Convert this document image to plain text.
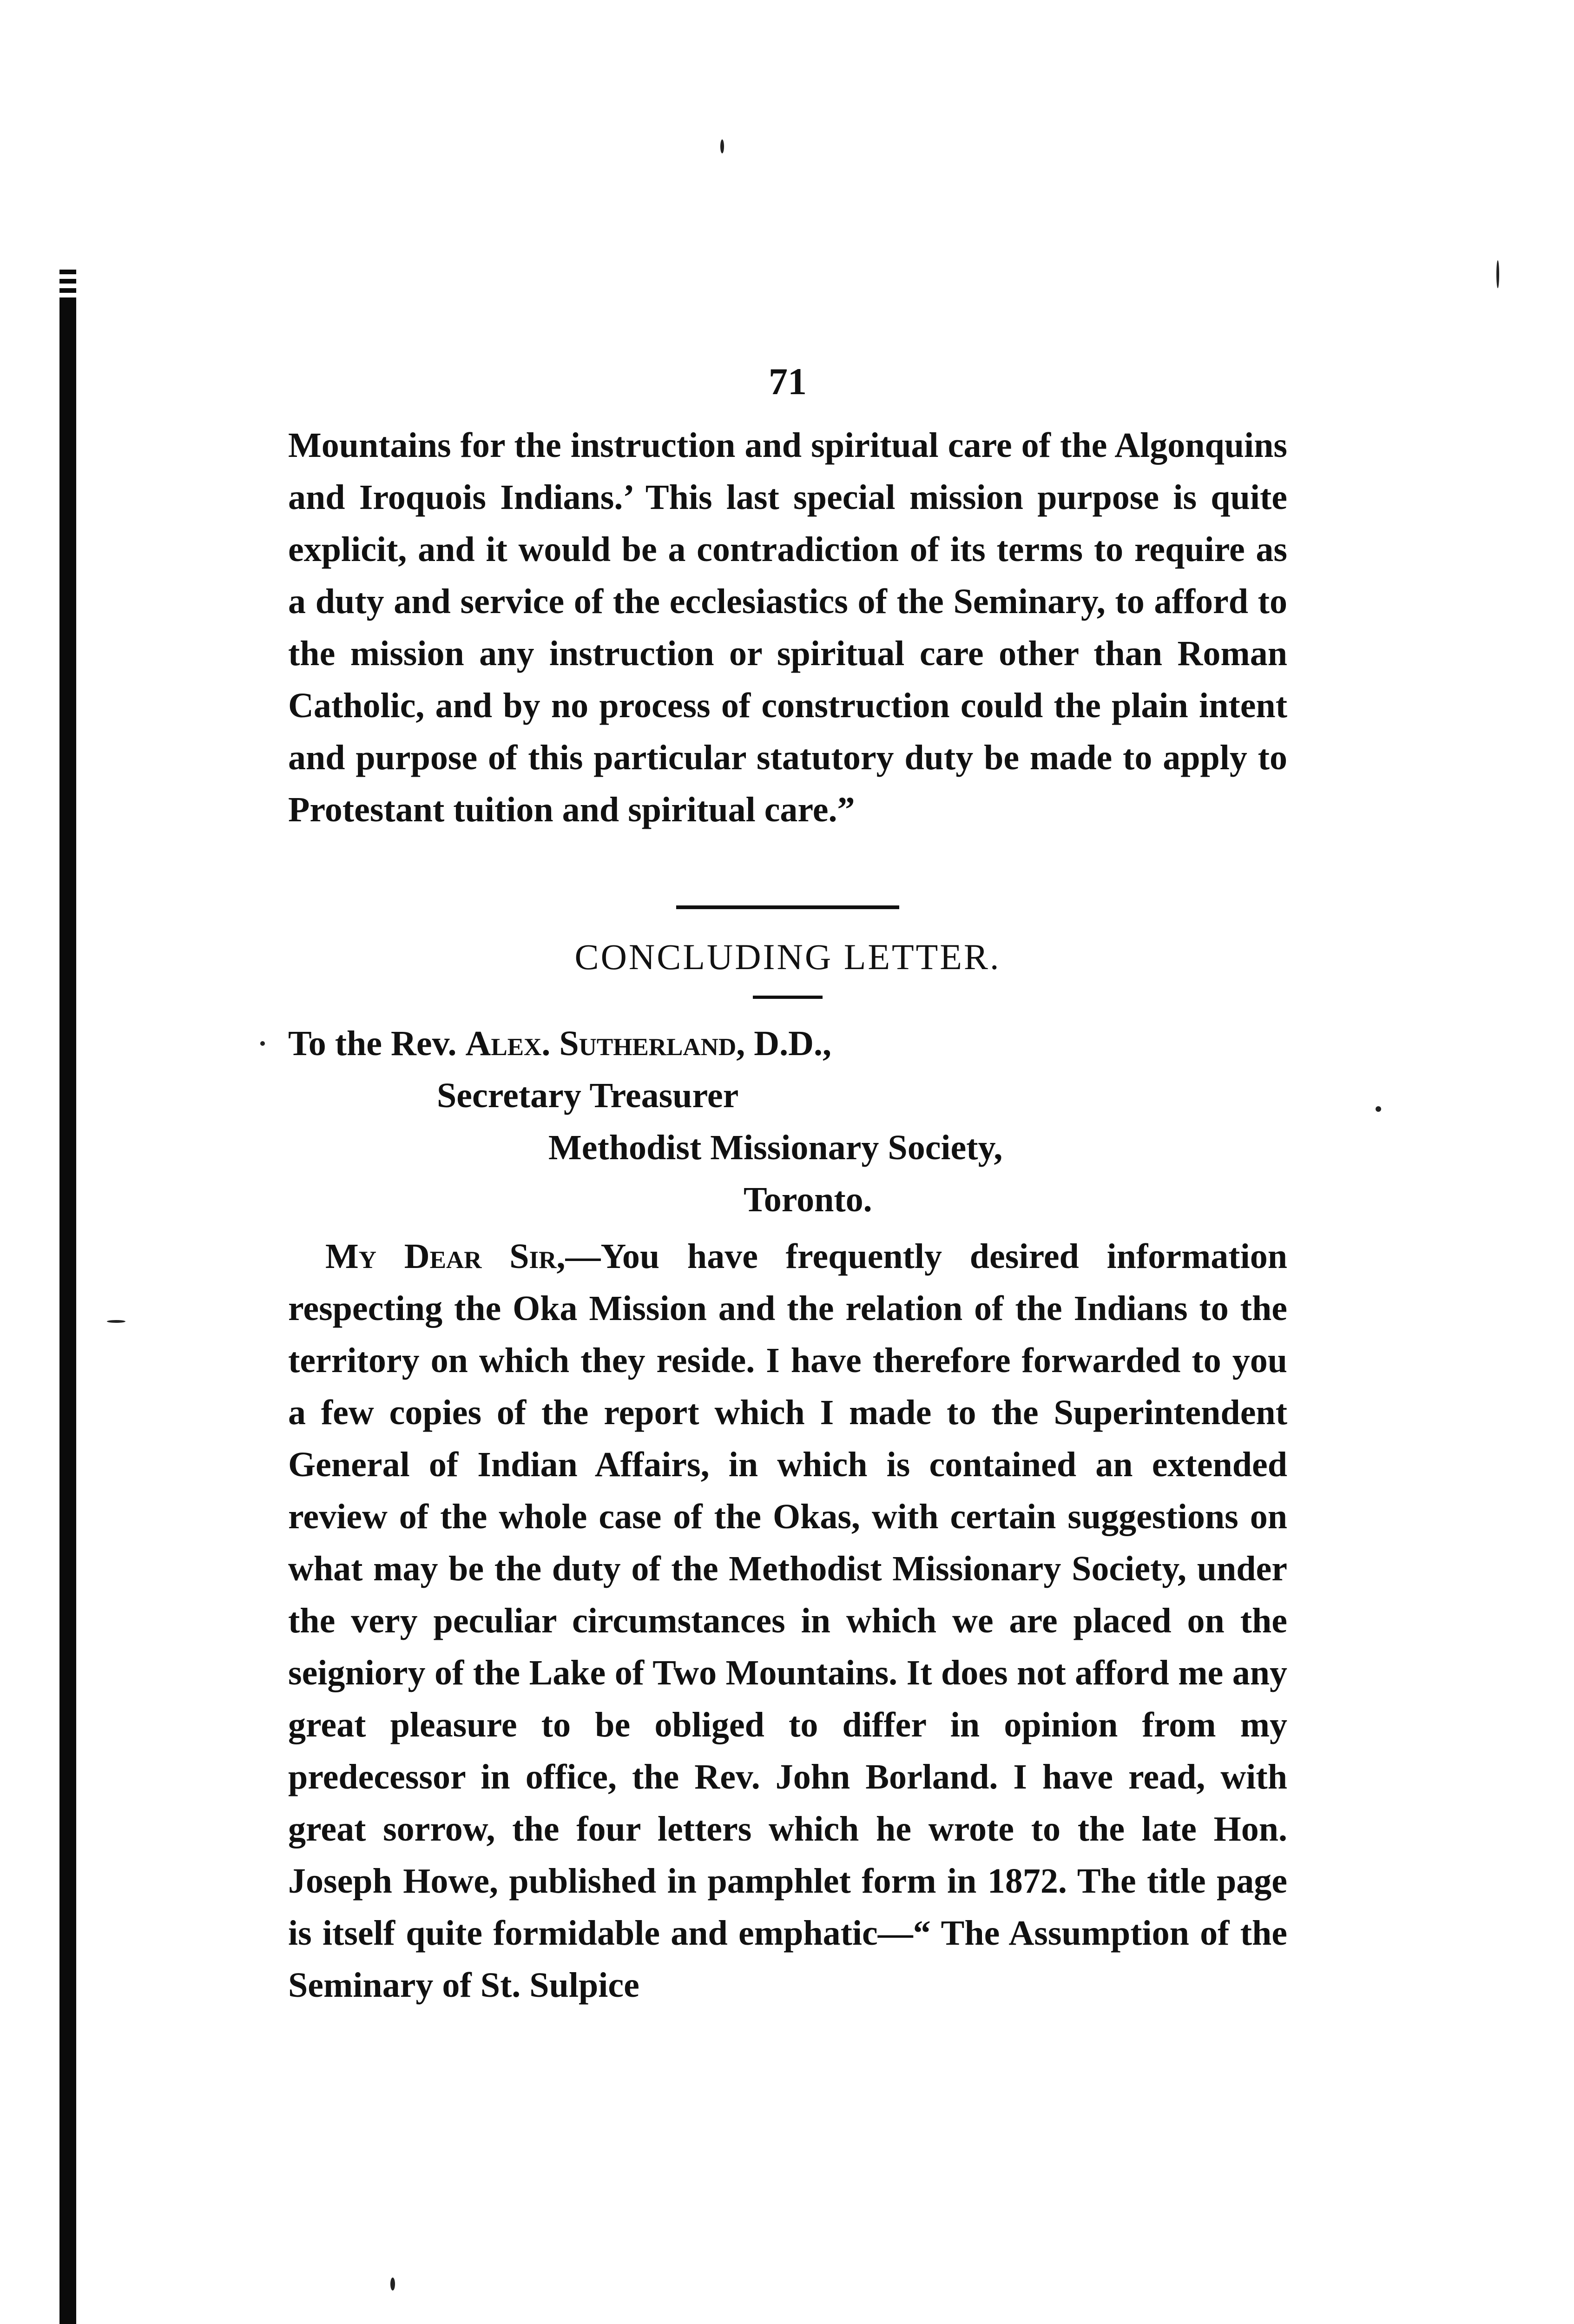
71

Mountains for the instruction and spiritual care of the Algonquins and Iroquois Indians.’ This last special mission purpose is quite explicit, and it would be a contradiction of its terms to require as a duty and service of the ecclesiastics of the Seminary, to afford to the mission any instruction or spiritual care other than Roman Catholic, and by no process of construction could the plain intent and purpose of this particular statutory duty be made to apply to Protestant tuition and spiritual care.”

CONCLUDING LETTER.

To the Rev. Alex. Sutherland, D.D.,

Secretary Treasurer

Methodist Missionary Society,

Toronto.

My Dear Sir,—You have frequently desired information respecting the Oka Mission and the relation of the Indians to the territory on which they reside. I have therefore forwarded to you a few copies of the report which I made to the Superintendent General of Indian Affairs, in which is contained an extended review of the whole case of the Okas, with certain suggestions on what may be the duty of the Methodist Missionary Society, under the very peculiar circumstances in which we are placed on the seigniory of the Lake of Two Mountains. It does not afford me any great pleasure to be obliged to differ in opinion from my predecessor in office, the Rev. John Borland. I have read, with great sorrow, the four letters which he wrote to the late Hon. Joseph Howe, published in pamphlet form in 1872. The title page is itself quite formidable and emphatic—“ The Assumption of the Seminary of St. Sulpice
